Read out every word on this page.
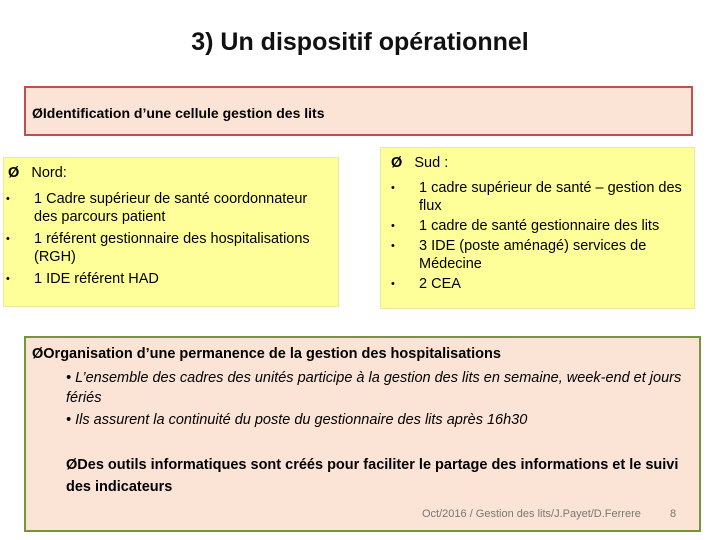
3) Un dispositif opérationnel
ØIdentification d’une cellule gestion des lits
Ø Nord:
• 1 Cadre supérieur de santé coordonnateur des parcours patient
• 1 référent gestionnaire des hospitalisations (RGH)
• 1 IDE référent HAD
Ø Sud :
• 1 cadre supérieur de santé – gestion des flux
• 1 cadre de santé gestionnaire des lits
• 3 IDE (poste aménagé) services de Médecine
• 2 CEA
ØOrganisation d’une permanence de la gestion des hospitalisations
• L’ensemble des cadres des unités participe à la gestion des lits en semaine, week-end et jours fériés
• Ils assurent la continuité du poste du gestionnaire des lits après 16h30
ØDes outils informatiques sont créés pour faciliter le partage des informations et le suivi des indicateurs
Oct/2016 / Gestion des lits/J.Payet/D.Ferrere	8
